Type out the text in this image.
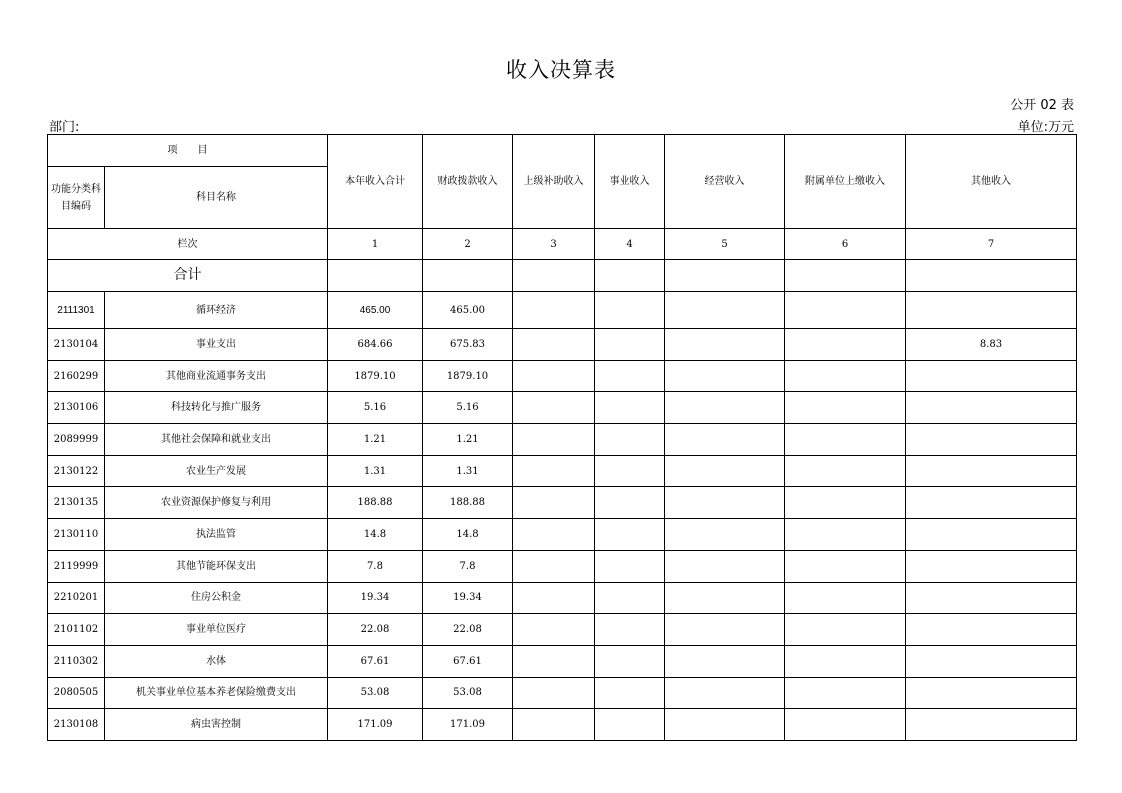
收入决算表
公开 02 表
部门:	单位:万元
项　　目		本年收入合计	财政拨款收入	上级补助收入	事业收入	经营收入	附属单位上缴收入	其他收入
功能分类科目编码	科目名称							
栏次		1	2	3	4	5	6	7
合计								
2111301	循环经济	465.00	465.00					
2130104	事业支出	684.66	675.83					8.83
2160299	其他商业流通事务支出	1879.10	1879.10					
2130106	科技转化与推广服务	5.16	5.16					
2089999	其他社会保障和就业支出	1.21	1.21					
2130122	农业生产发展	1.31	1.31					
2130135	农业资源保护修复与利用	188.88	188.88					
2130110	执法监管	14.8	14.8					
2119999	其他节能环保支出	7.8	7.8					
2210201	住房公积金	19.34	19.34					
2101102	事业单位医疗	22.08	22.08					
2110302	水体	67.61	67.61					
2080505	机关事业单位基本养老保险缴费支出	53.08	53.08					
2130108	病虫害控制	171.09	171.09					
